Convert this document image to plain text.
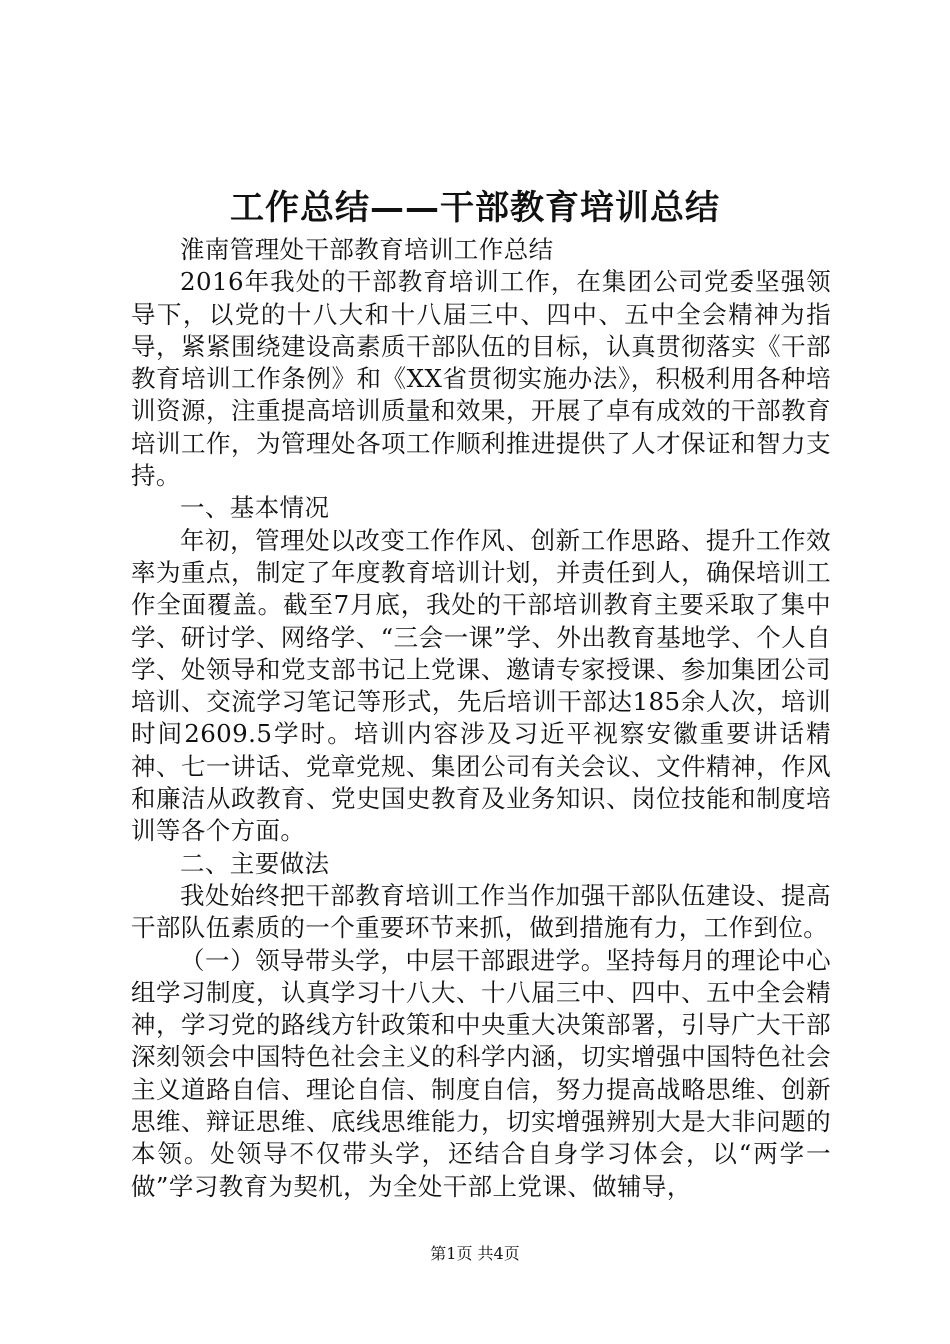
工作总结——干部教育培训总结

淮南管理处干部教育培训工作总结

2016年我处的干部教育培训工作，在集团公司党委坚强领导下，以党的十八大和十八届三中、四中、五中全会精神为指导，紧紧围绕建设高素质干部队伍的目标，认真贯彻落实《干部教育培训工作条例》和《XX省贯彻实施办法》，积极利用各种培训资源，注重提高培训质量和效果，开展了卓有成效的干部教育培训工作，为管理处各项工作顺利推进提供了人才保证和智力支持。

一、基本情况

年初，管理处以改变工作作风、创新工作思路、提升工作效率为重点，制定了年度教育培训计划，并责任到人，确保培训工作全面覆盖。截至7月底，我处的干部培训教育主要采取了集中学、研讨学、网络学、“三会一课”学、外出教育基地学、个人自学、处领导和党支部书记上党课、邀请专家授课、参加集团公司培训、交流学习笔记等形式，先后培训干部达185余人次，培训时间2609.5学时。培训内容涉及习近平视察安徽重要讲话精神、七一讲话、党章党规、集团公司有关会议、文件精神，作风和廉洁从政教育、党史国史教育及业务知识、岗位技能和制度培训等各个方面。

二、主要做法

我处始终把干部教育培训工作当作加强干部队伍建设、提高干部队伍素质的一个重要环节来抓，做到措施有力，工作到位。

（一）领导带头学，中层干部跟进学。坚持每月的理论中心组学习制度，认真学习十八大、十八届三中、四中、五中全会精神，学习党的路线方针政策和中央重大决策部署，引导广大干部深刻领会中国特色社会主义的科学内涵，切实增强中国特色社会主义道路自信、理论自信、制度自信，努力提高战略思维、创新思维、辩证思维、底线思维能力，切实增强辨别大是大非问题的本领。处领导不仅带头学，还结合自身学习体会，以“两学一做”学习教育为契机，为全处干部上党课、做辅导，

第1页 共4页
